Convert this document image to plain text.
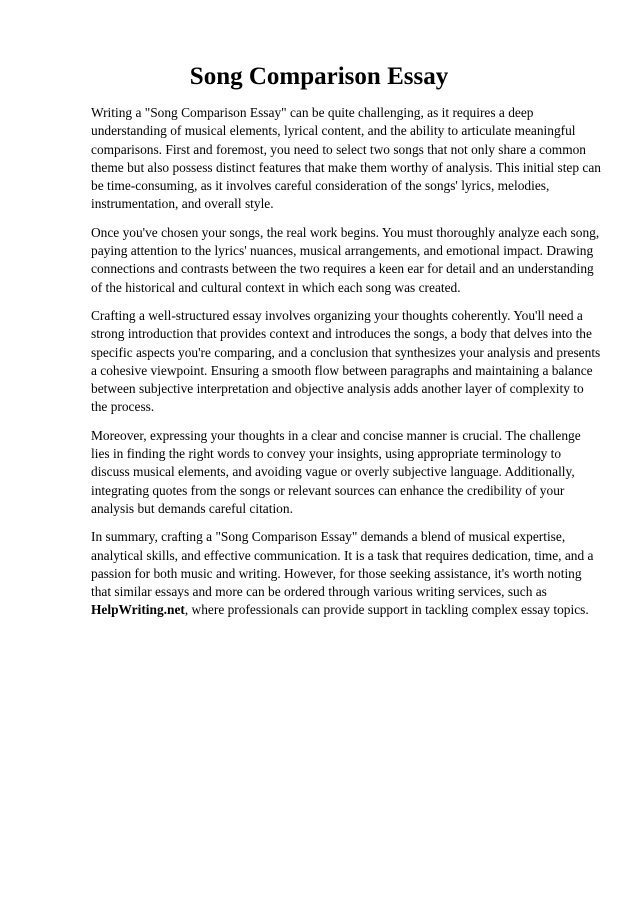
Song Comparison Essay

Writing a "Song Comparison Essay" can be quite challenging, as it requires a deep understanding of musical elements, lyrical content, and the ability to articulate meaningful comparisons. First and foremost, you need to select two songs that not only share a common theme but also possess distinct features that make them worthy of analysis. This initial step can be time-consuming, as it involves careful consideration of the songs' lyrics, melodies, instrumentation, and overall style.

Once you've chosen your songs, the real work begins. You must thoroughly analyze each song, paying attention to the lyrics' nuances, musical arrangements, and emotional impact. Drawing connections and contrasts between the two requires a keen ear for detail and an understanding of the historical and cultural context in which each song was created.

Crafting a well-structured essay involves organizing your thoughts coherently. You'll need a strong introduction that provides context and introduces the songs, a body that delves into the specific aspects you're comparing, and a conclusion that synthesizes your analysis and presents a cohesive viewpoint. Ensuring a smooth flow between paragraphs and maintaining a balance between subjective interpretation and objective analysis adds another layer of complexity to the process.

Moreover, expressing your thoughts in a clear and concise manner is crucial. The challenge lies in finding the right words to convey your insights, using appropriate terminology to discuss musical elements, and avoiding vague or overly subjective language. Additionally, integrating quotes from the songs or relevant sources can enhance the credibility of your analysis but demands careful citation.

In summary, crafting a "Song Comparison Essay" demands a blend of musical expertise, analytical skills, and effective communication. It is a task that requires dedication, time, and a passion for both music and writing. However, for those seeking assistance, it's worth noting that similar essays and more can be ordered through various writing services, such as HelpWriting.net, where professionals can provide support in tackling complex essay topics.
